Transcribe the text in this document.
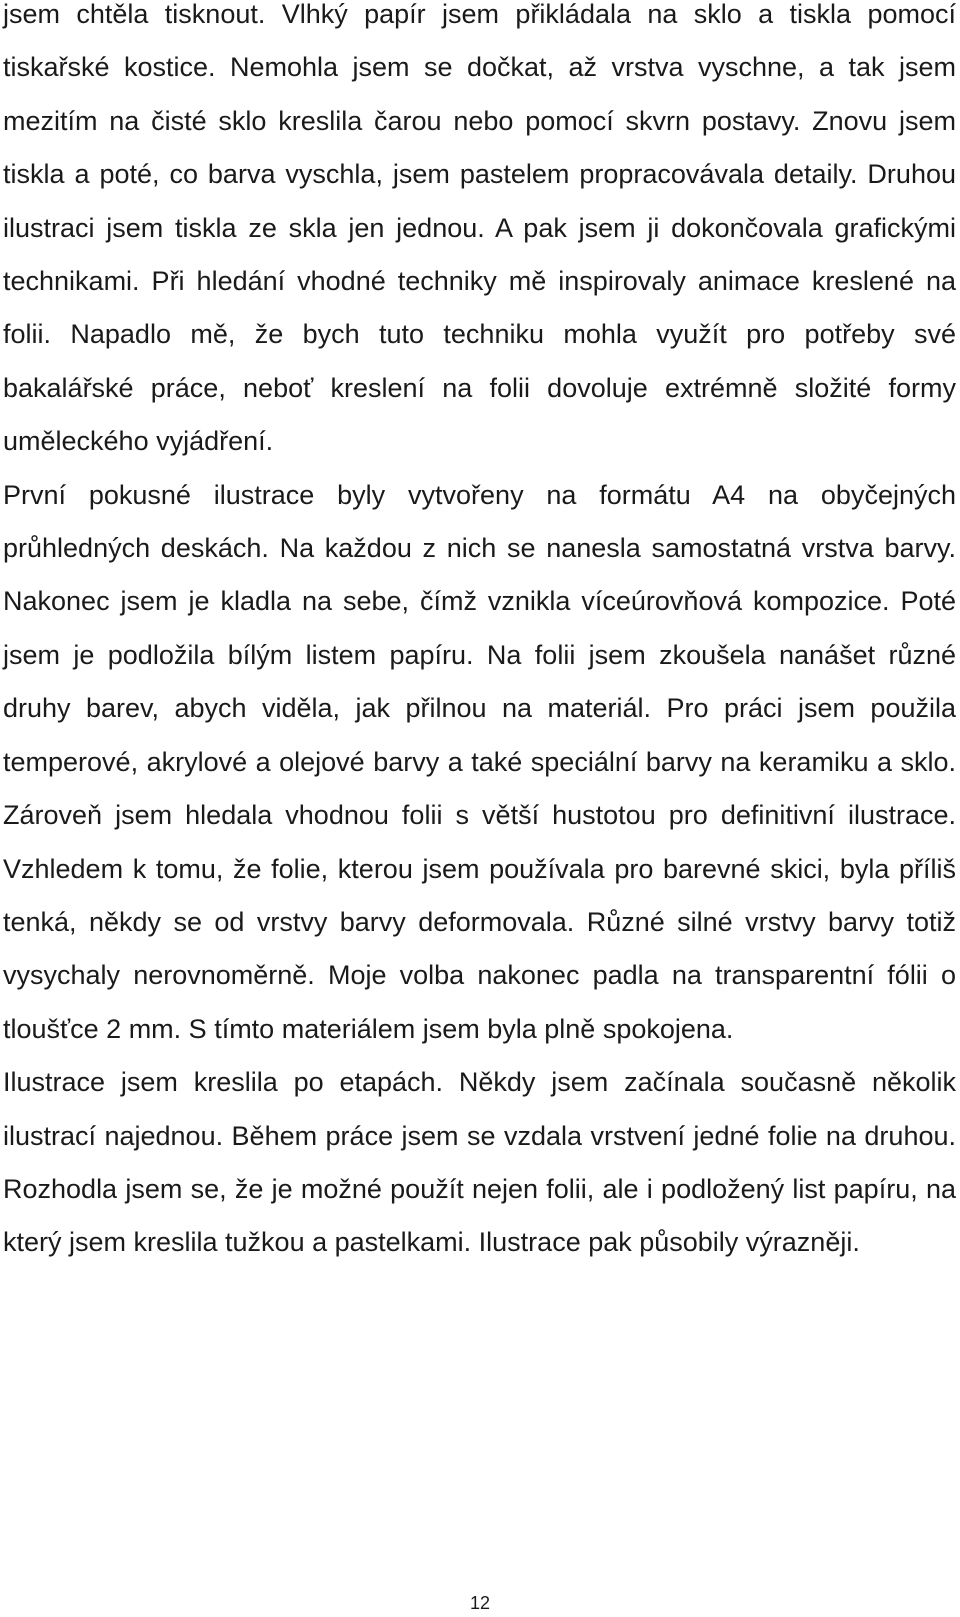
jsem chtěla tisknout. Vlhký papír jsem přikládala na sklo a tiskla pomocí tiskařské kostice. Nemohla jsem se dočkat, až vrstva vyschne, a tak jsem mezitím na čisté sklo kreslila čarou nebo pomocí skvrn postavy. Znovu jsem tiskla a poté, co barva vyschla, jsem pastelem propracovávala detaily. Druhou ilustraci jsem tiskla ze skla jen jednou. A pak jsem ji dokončovala grafickými technikami. Při hledání vhodné techniky mě inspirovaly animace kreslené na folii. Napadlo mě, že bych tuto techniku mohla využít pro potřeby své bakalářské práce, neboť kreslení na folii dovoluje extrémně složité formy uměleckého vyjádření.

První pokusné ilustrace byly vytvořeny na formátu A4 na obyčejných průhledných deskách. Na každou z nich se nanesla samostatná vrstva barvy. Nakonec jsem je kladla na sebe, čímž vznikla víceúrovňová kompozice. Poté jsem je podložila bílým listem papíru. Na folii jsem zkoušela nanášet různé druhy barev, abych viděla, jak přilnou na materiál. Pro práci jsem použila temperové, akrylové a olejové barvy a také speciální barvy na keramiku a sklo. Zároveň jsem hledala vhodnou folii s větší hustotou pro definitivní ilustrace. Vzhledem k tomu, že folie, kterou jsem používala pro barevné skici, byla příliš tenká, někdy se od vrstvy barvy deformovala. Různé silné vrstvy barvy totiž vysychaly nerovnoměrně. Moje volba nakonec padla na transparentní fólii o tloušťce 2 mm. S tímto materiálem jsem byla plně spokojena.

Ilustrace jsem kreslila po etapách. Někdy jsem začínala současně několik ilustrací najednou. Během práce jsem se vzdala vrstvení jedné folie na druhou. Rozhodla jsem se, že je možné použít nejen folii, ale i podložený list papíru, na který jsem kreslila tužkou a pastelkami. Ilustrace pak působily výrazněji.

12
